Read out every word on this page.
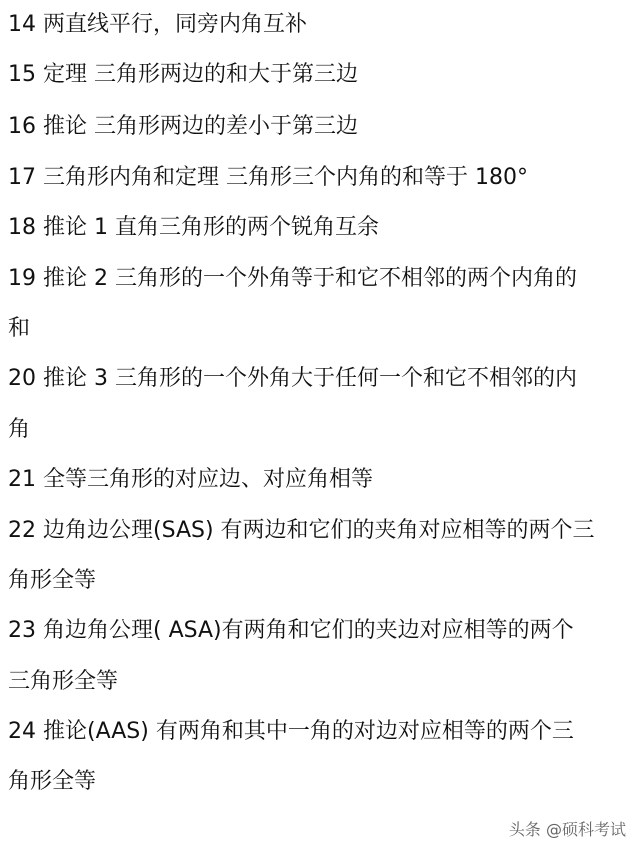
14 两直线平行，同旁内角互补
15 定理 三角形两边的和大于第三边
16 推论 三角形两边的差小于第三边
17 三角形内角和定理 三角形三个内角的和等于 180°
18 推论 1 直角三角形的两个锐角互余
19 推论 2 三角形的一个外角等于和它不相邻的两个内角的
和
20 推论 3 三角形的一个外角大于任何一个和它不相邻的内
角
21 全等三角形的对应边、对应角相等
22 边角边公理(SAS) 有两边和它们的夹角对应相等的两个三
角形全等
23 角边角公理( ASA)有两角和它们的夹边对应相等的两个
三角形全等
24 推论(AAS) 有两角和其中一角的对边对应相等的两个三
角形全等
头条 @硕科考试
